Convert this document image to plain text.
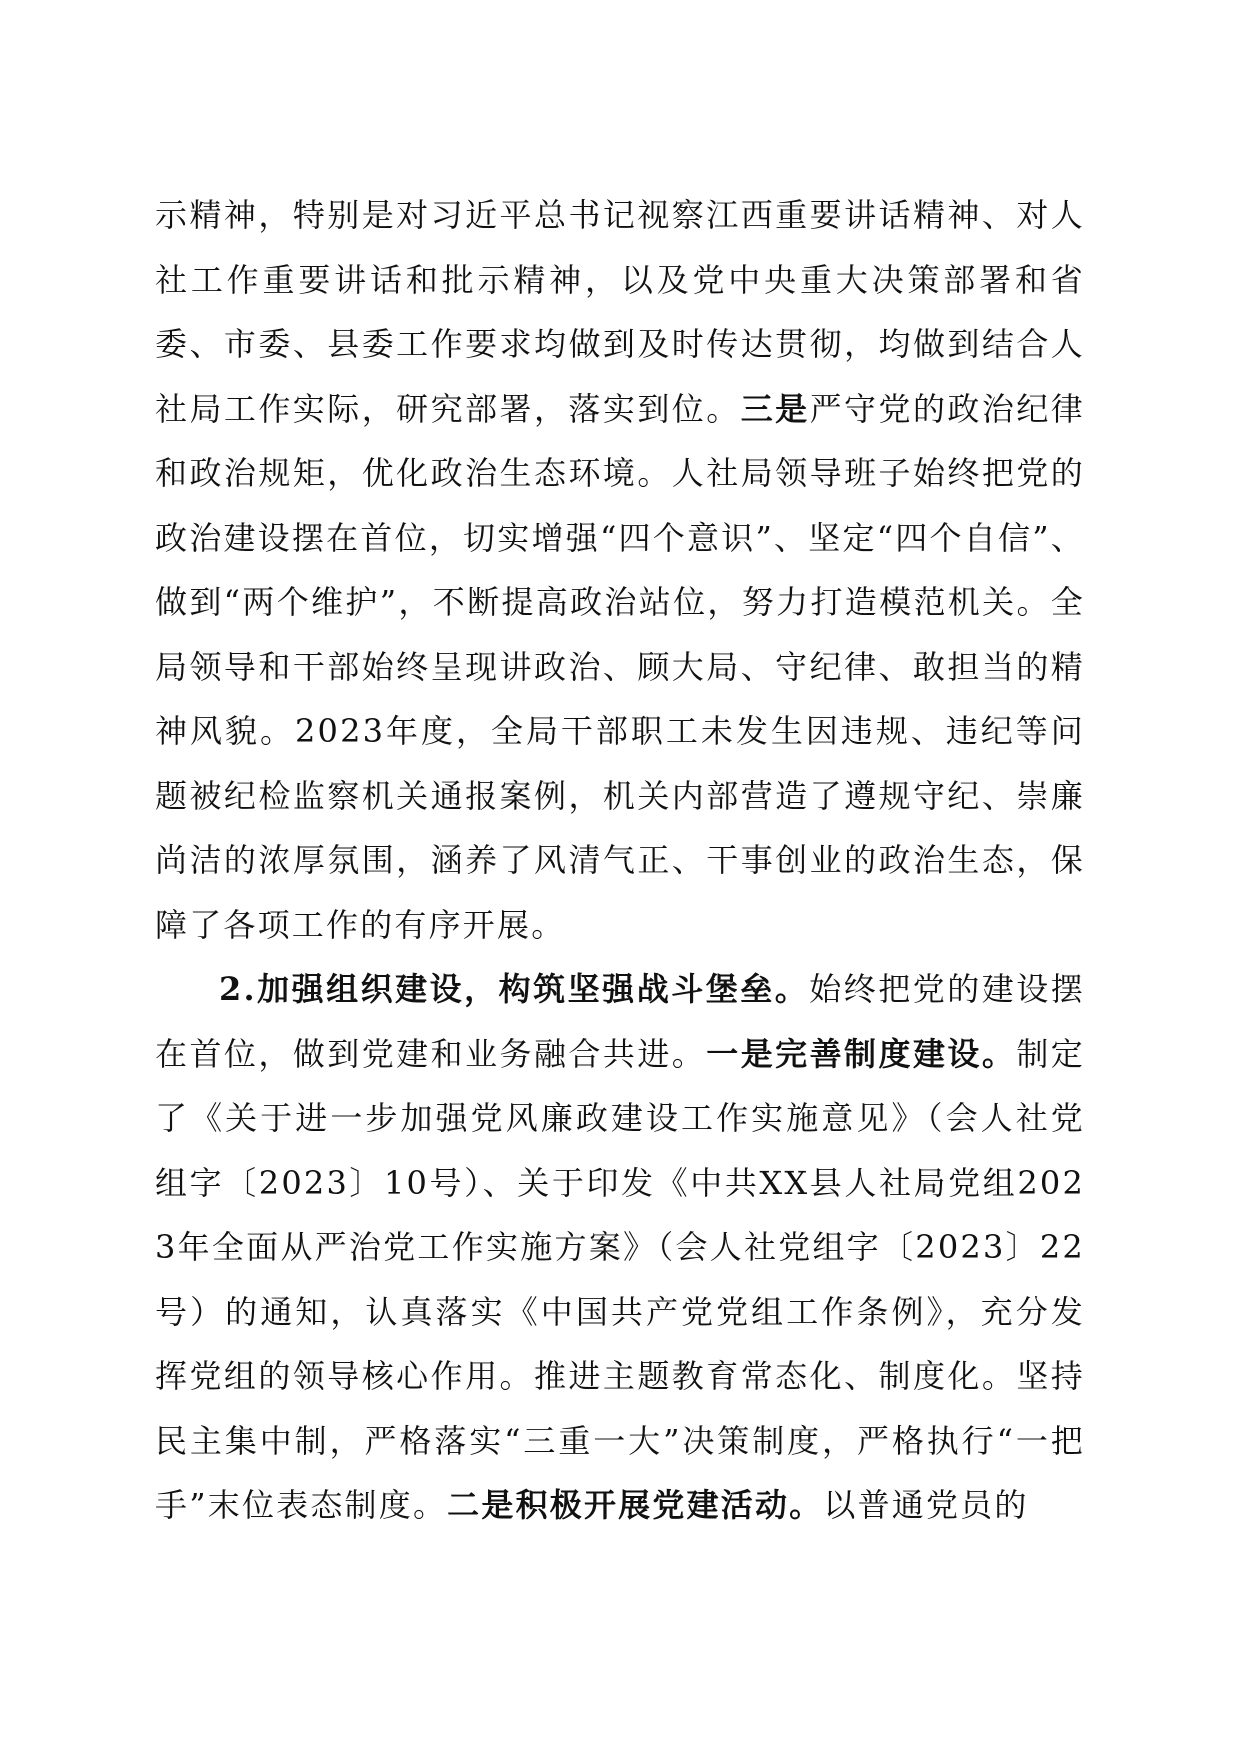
示精神，特别是对习近平总书记视察江西重要讲话精神、对人社工作重要讲话和批示精神，以及党中央重大决策部署和省委、市委、县委工作要求均做到及时传达贯彻，均做到结合人社局工作实际，研究部署，落实到位。三是严守党的政治纪律和政治规矩，优化政治生态环境。人社局领导班子始终把党的政治建设摆在首位，切实增强“四个意识”、坚定“四个自信”、做到“两个维护”，不断提高政治站位，努力打造模范机关。全局领导和干部始终呈现讲政治、顾大局、守纪律、敢担当的精神风貌。2023年度，全局干部职工未发生因违规、违纪等问题被纪检监察机关通报案例，机关内部营造了遵规守纪、崇廉尚洁的浓厚氛围，涵养了风清气正、干事创业的政治生态，保障了各项工作的有序开展。

2.加强组织建设，构筑坚强战斗堡垒。始终把党的建设摆在首位，做到党建和业务融合共进。一是完善制度建设。制定了《关于进一步加强党风廉政建设工作实施意见》（会人社党组字〔2023〕10号）、关于印发《中共XX县人社局党组2023年全面从严治党工作实施方案》（会人社党组字〔2023〕22号）的通知，认真落实《中国共产党党组工作条例》，充分发挥党组的领导核心作用。推进主题教育常态化、制度化。坚持民主集中制，严格落实“三重一大”决策制度，严格执行“一把手”末位表态制度。二是积极开展党建活动。以普通党员的
